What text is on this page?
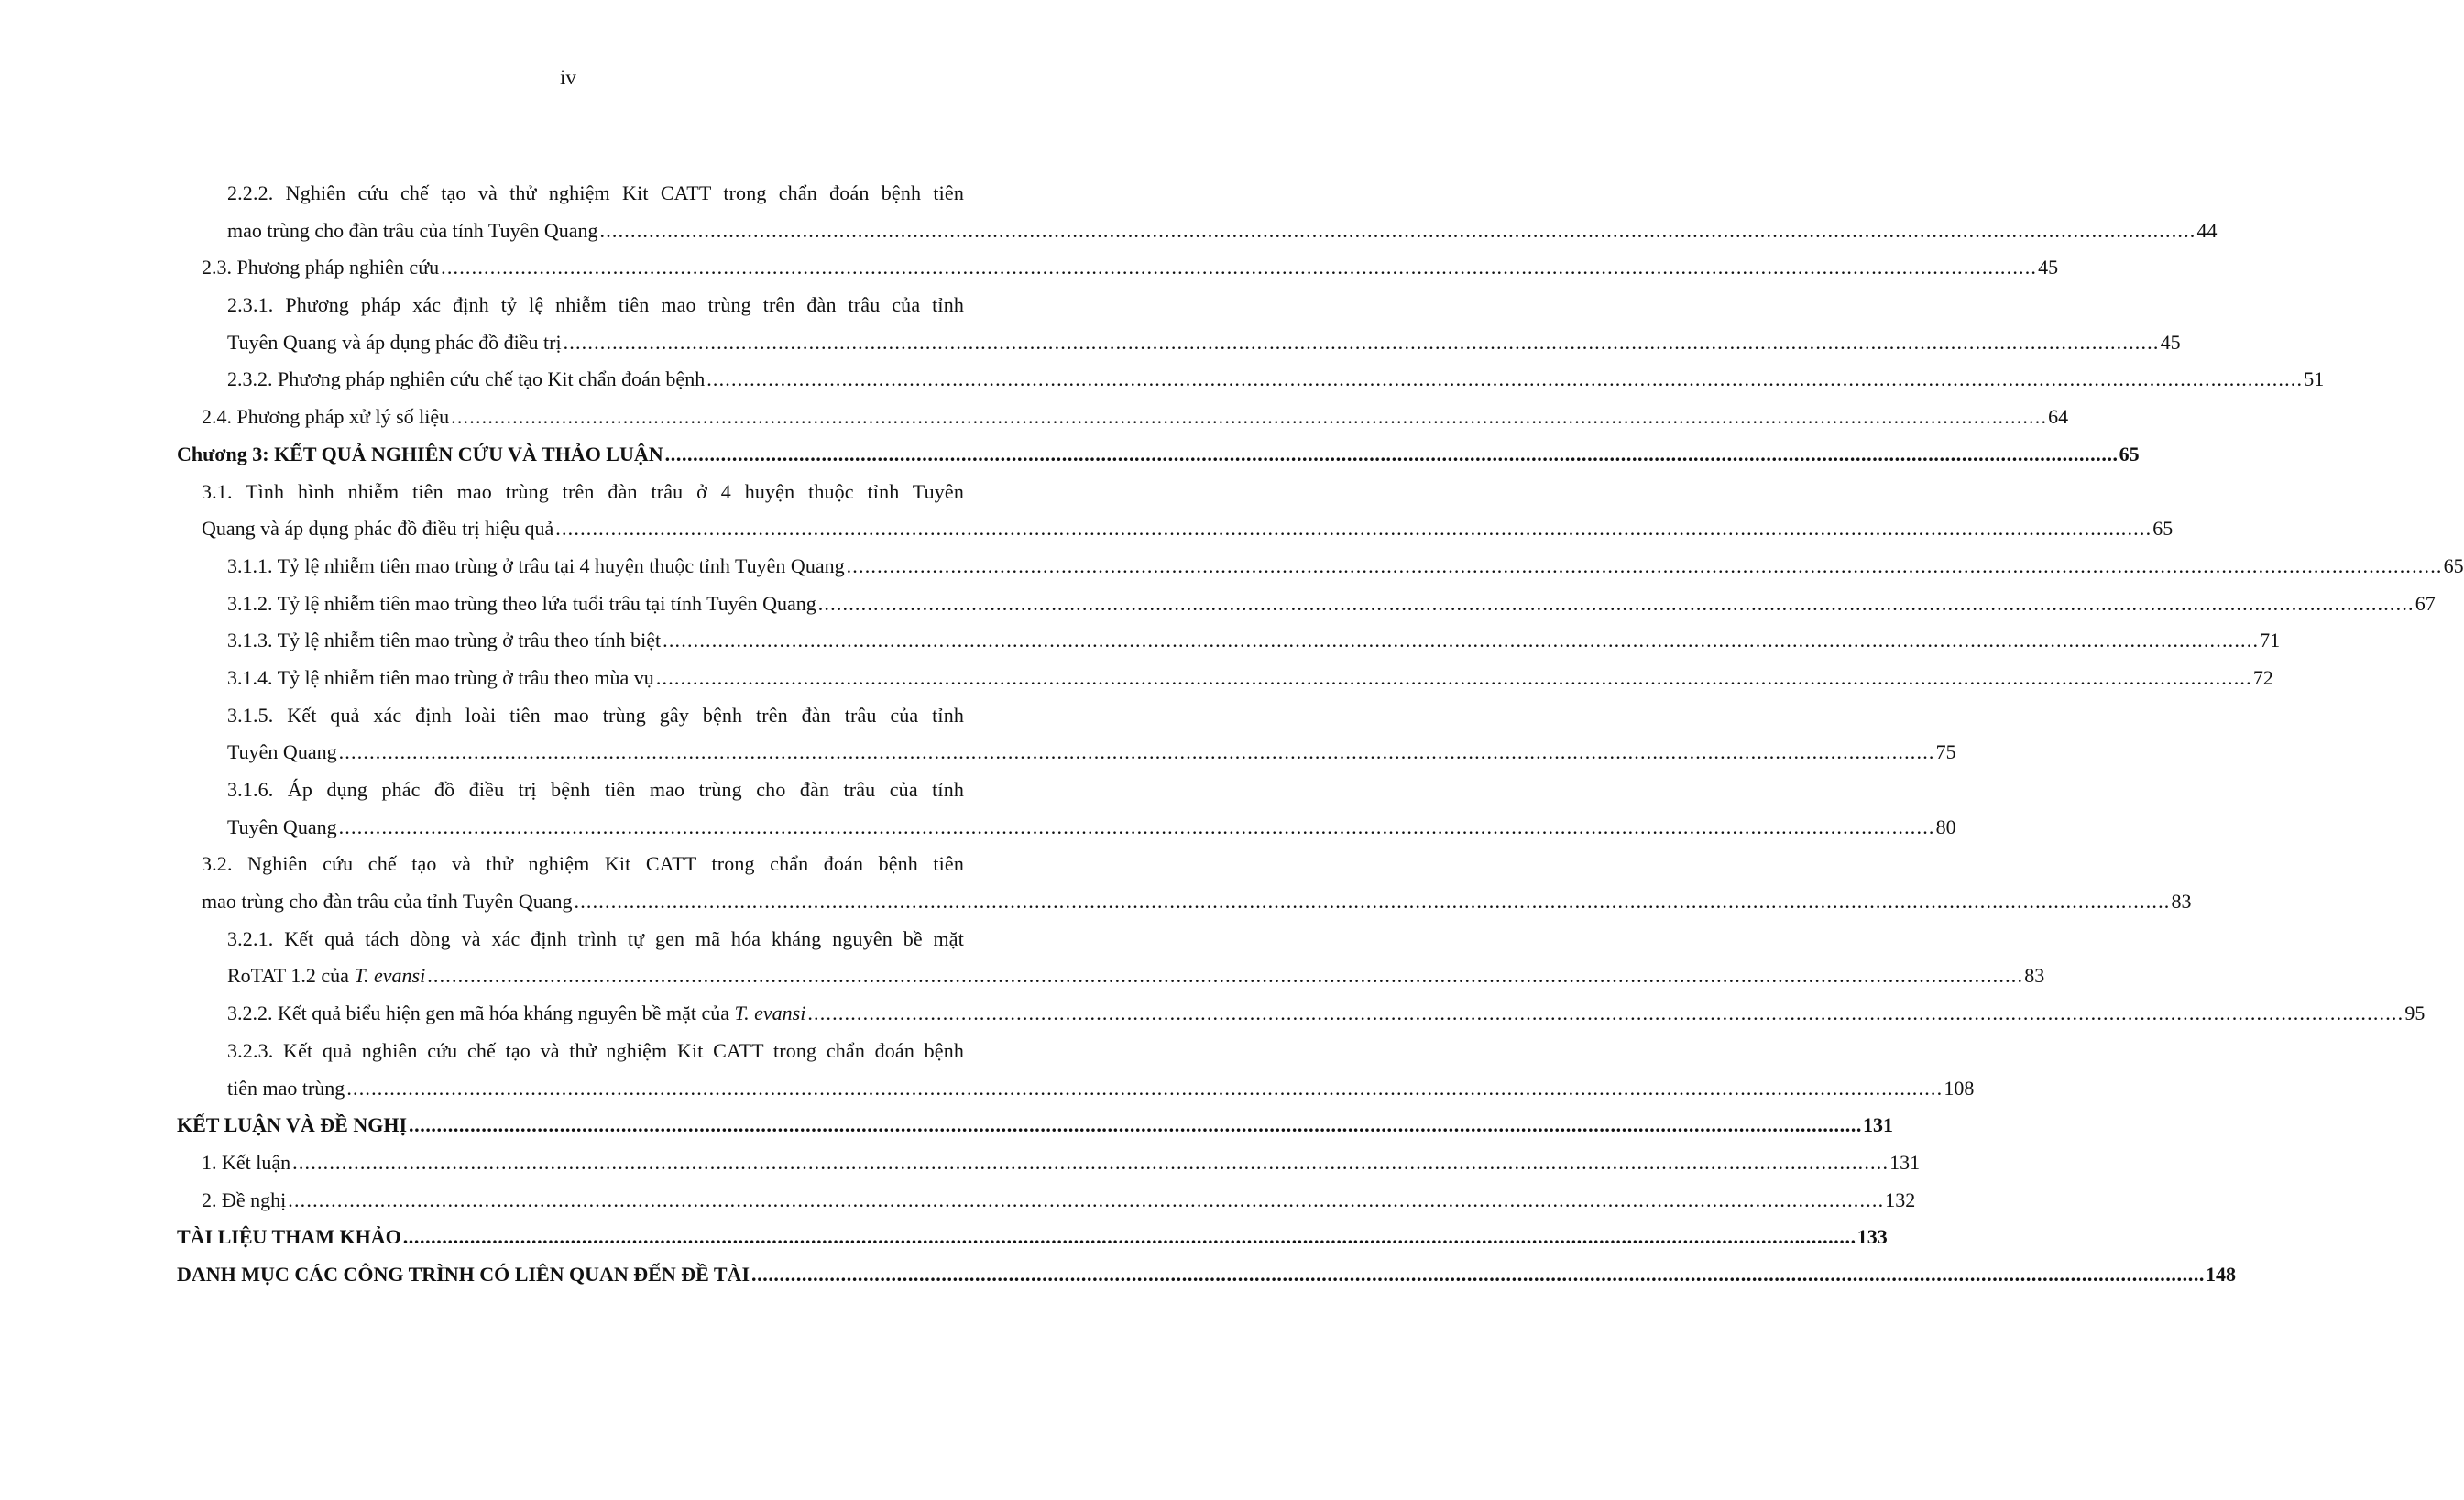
iv
2.2.2. Nghiên cứu chế tạo và thử nghiệm Kit CATT trong chẩn đoán bệnh tiên
mao trùng cho đàn trâu của tỉnh Tuyên Quang .................................................................................................................................................................................................................................................................... 44
2.3. Phương pháp nghiên cứu .................................................................................................................................................................................................................................................................... 45
2.3.1. Phương pháp xác định tỷ lệ nhiễm tiên mao trùng trên đàn trâu của tỉnh
Tuyên Quang và áp dụng phác đồ điều trị .................................................................................................................................................................................................................................................................... 45
2.3.2. Phương pháp nghiên cứu chế tạo Kit chẩn đoán bệnh .................................................................................................................................................................................................................................................................... 51
2.4. Phương pháp xử lý số liệu .................................................................................................................................................................................................................................................................... 64
Chương 3: KẾT QUẢ NGHIÊN CỨU VÀ THẢO LUẬN .................................................................................................................................................................................................................................................................... 65
3.1. Tình hình nhiễm tiên mao trùng trên đàn trâu ở 4 huyện thuộc tỉnh Tuyên
Quang và áp dụng phác đồ điều trị hiệu quả .................................................................................................................................................................................................................................................................... 65
3.1.1. Tỷ lệ nhiễm tiên mao trùng ở trâu tại 4 huyện thuộc tỉnh Tuyên Quang .................................................................................................................................................................................................................................................................... 65
3.1.2. Tỷ lệ nhiễm tiên mao trùng theo lứa tuổi trâu tại tỉnh Tuyên Quang .................................................................................................................................................................................................................................................................... 67
3.1.3. Tỷ lệ nhiễm tiên mao trùng ở trâu theo tính biệt .................................................................................................................................................................................................................................................................... 71
3.1.4. Tỷ lệ nhiễm tiên mao trùng ở trâu theo mùa vụ .................................................................................................................................................................................................................................................................... 72
3.1.5. Kết quả xác định loài tiên mao trùng gây bệnh trên đàn trâu của tỉnh
Tuyên Quang .................................................................................................................................................................................................................................................................... 75
3.1.6. Áp dụng phác đồ điều trị bệnh tiên mao trùng cho đàn trâu của tỉnh
Tuyên Quang .................................................................................................................................................................................................................................................................... 80
3.2. Nghiên cứu chế tạo và thử nghiệm Kit CATT trong chẩn đoán bệnh tiên
mao trùng cho đàn trâu của tỉnh Tuyên Quang .................................................................................................................................................................................................................................................................... 83
3.2.1. Kết quả tách dòng và xác định trình tự gen mã hóa kháng nguyên bề mặt
RoTAT 1.2 của T. evansi .................................................................................................................................................................................................................................................................... 83
3.2.2. Kết quả biểu hiện gen mã hóa kháng nguyên bề mặt của T. evansi .................................................................................................................................................................................................................................................................... 95
3.2.3. Kết quả nghiên cứu chế tạo và thử nghiệm Kit CATT trong chẩn đoán bệnh
tiên mao trùng .................................................................................................................................................................................................................................................................... 108
KẾT LUẬN VÀ ĐỀ NGHỊ .................................................................................................................................................................................................................................................................... 131
1. Kết luận .................................................................................................................................................................................................................................................................... 131
2. Đề nghị .................................................................................................................................................................................................................................................................... 132
TÀI LIỆU THAM KHẢO .................................................................................................................................................................................................................................................................... 133
DANH MỤC CÁC CÔNG TRÌNH CÓ LIÊN QUAN ĐẾN ĐỀ TÀI .................................................................................................................................................................................................................................................................... 148
